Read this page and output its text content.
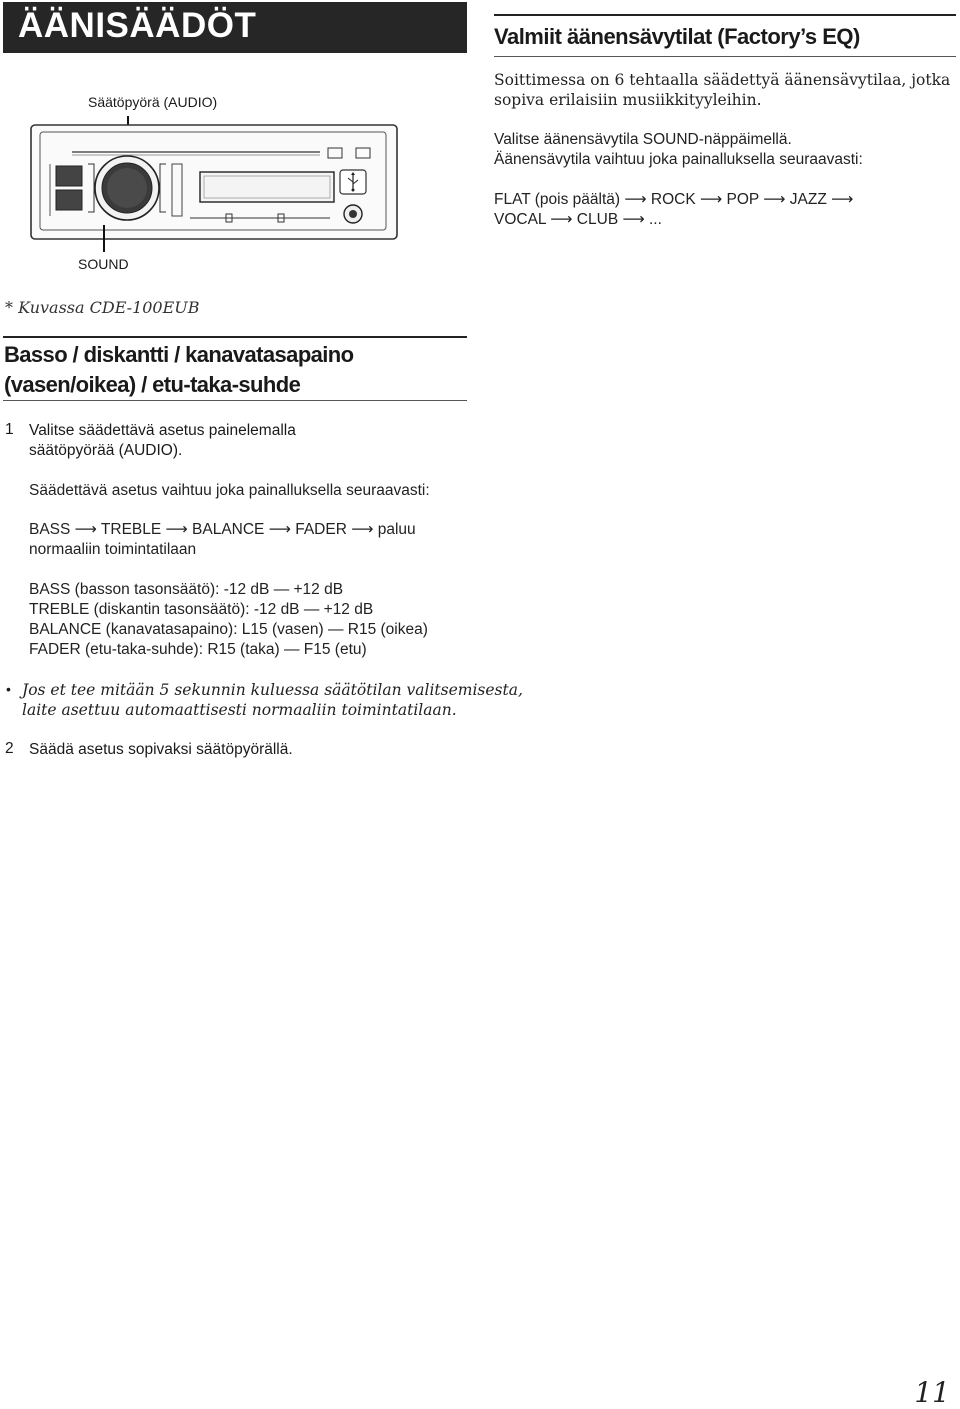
ÄÄNISÄÄDÖT	Valmiit äänensävytilat (Factory’s EQ)
Soittimessa on 6 tehtaalla säädettyä äänensävytilaa, jotka
sopiva erilaisiin musiikkityyleihin.
Valitse äänensävytila SOUND-näppäimellä.
Äänensävytila vaihtuu joka painalluksella seuraavasti:
FLAT (pois päältä) ⟶ ROCK ⟶ POP ⟶ JAZZ ⟶
VOCAL ⟶ CLUB ⟶ ...
Säätöpyörä (AUDIO)
SOUND
* Kuvassa CDE-100EUB
Basso / diskantti / kanavatasapaino
(vasen/oikea) / etu-taka-suhde
1 Valitse säädettävä asetus painelemalla
säätöpyörää (AUDIO).
Säädettävä asetus vaihtuu joka painalluksella seuraavasti:
BASS ⟶ TREBLE ⟶ BALANCE ⟶ FADER ⟶ paluu
normaaliin toimintatilaan
BASS (basson tasonsäätö): -12 dB — +12 dB
TREBLE (diskantin tasonsäätö): -12 dB — +12 dB
BALANCE (kanavatasapaino): L15 (vasen) — R15 (oikea)
FADER (etu-taka-suhde): R15 (taka) — F15 (etu)
• Jos et tee mitään 5 sekunnin kuluessa säätötilan valitsemisesta,
laite asettuu automaattisesti normaaliin toimintatilaan.
2 Säädä asetus sopivaksi säätöpyörällä.
11
